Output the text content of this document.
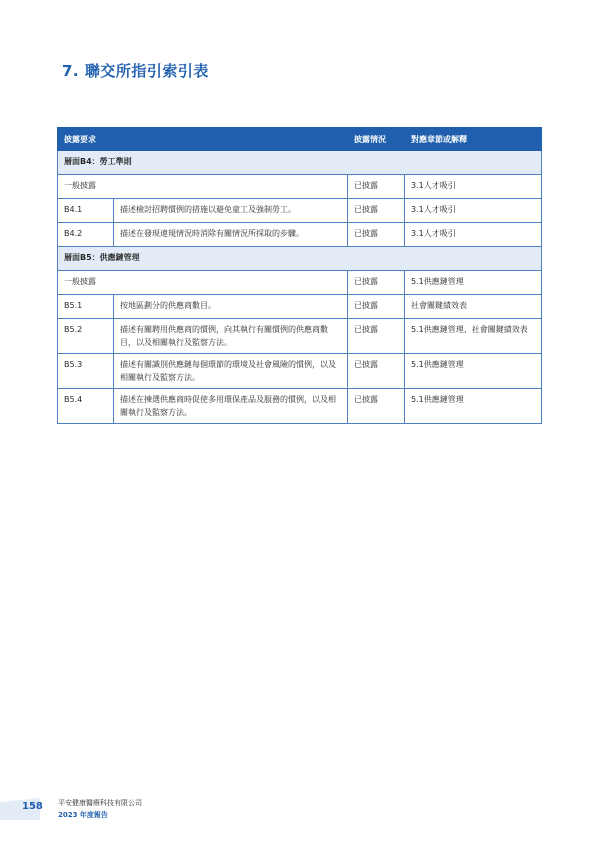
7. 聯交所指引索引表
披露要求		披露情況	對應章節或解釋
層面B4：勞工準則			
一般披露		已披露	3.1人才吸引
B4.1	描述檢討招聘慣例的措施以避免童工及強制勞工。	已披露	3.1人才吸引
B4.2	描述在發現違規情況時消除有關情況所採取的步驟。	已披露	3.1人才吸引
層面B5：供應鏈管理			
一般披露		已披露	5.1供應鏈管理
B5.1	按地區劃分的供應商數目。	已披露	社會關鍵績效表
B5.2	描述有關聘用供應商的慣例，向其執行有關慣例的供應商數目，以及相關執行及監察方法。	已披露	5.1供應鏈管理、社會關鍵績效表
B5.3	描述有關識別供應鏈每個環節的環境及社會風險的慣例，以及相關執行及監察方法。	已披露	5.1供應鏈管理
B5.4	描述在揀選供應商時促使多用環保產品及服務的慣例，以及相關執行及監察方法。	已披露	5.1供應鏈管理
158 平安健康醫療科技有限公司
2023 年度報告
